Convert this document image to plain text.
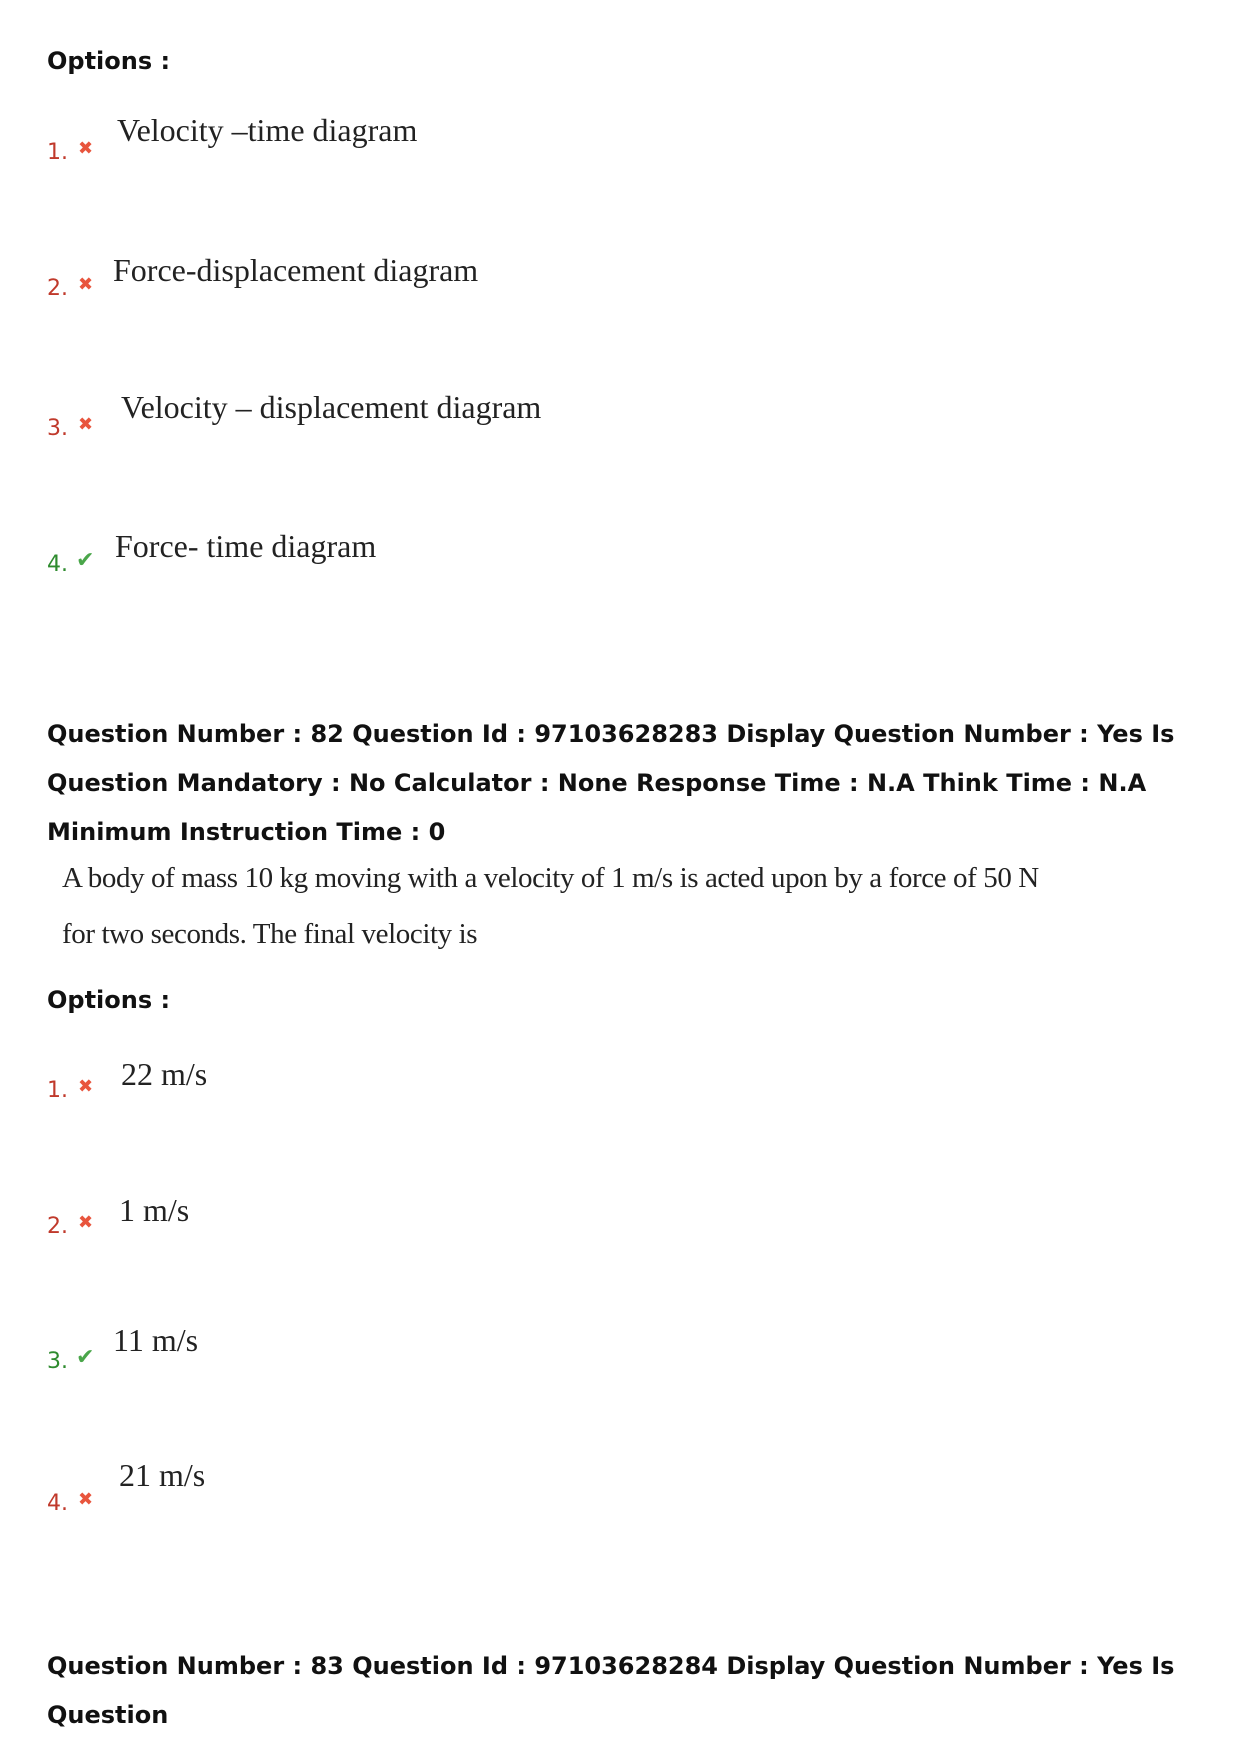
Options :
1. ✖
Velocity –time diagram
2. ✖ Force-displacement diagram
3. ✖ Velocity – displacement diagram
4. ✔ Force- time diagram

Question Number : 82 Question Id : 97103628283 Display Question Number : Yes Is Question Mandatory : No Calculator : None Response Time : N.A Think Time : N.A Minimum Instruction Time : 0

A body of mass 10 kg moving with a velocity of 1 m/s is acted upon by a force of 50 N
for two seconds. The final velocity is
Options :
1. ✖ 22 m/s
2. ✖ 1 m/s
3. ✔ 11 m/s
4. ✖
21 m/s

Question Number : 83 Question Id : 97103628284 Display Question Number : Yes Is Question
